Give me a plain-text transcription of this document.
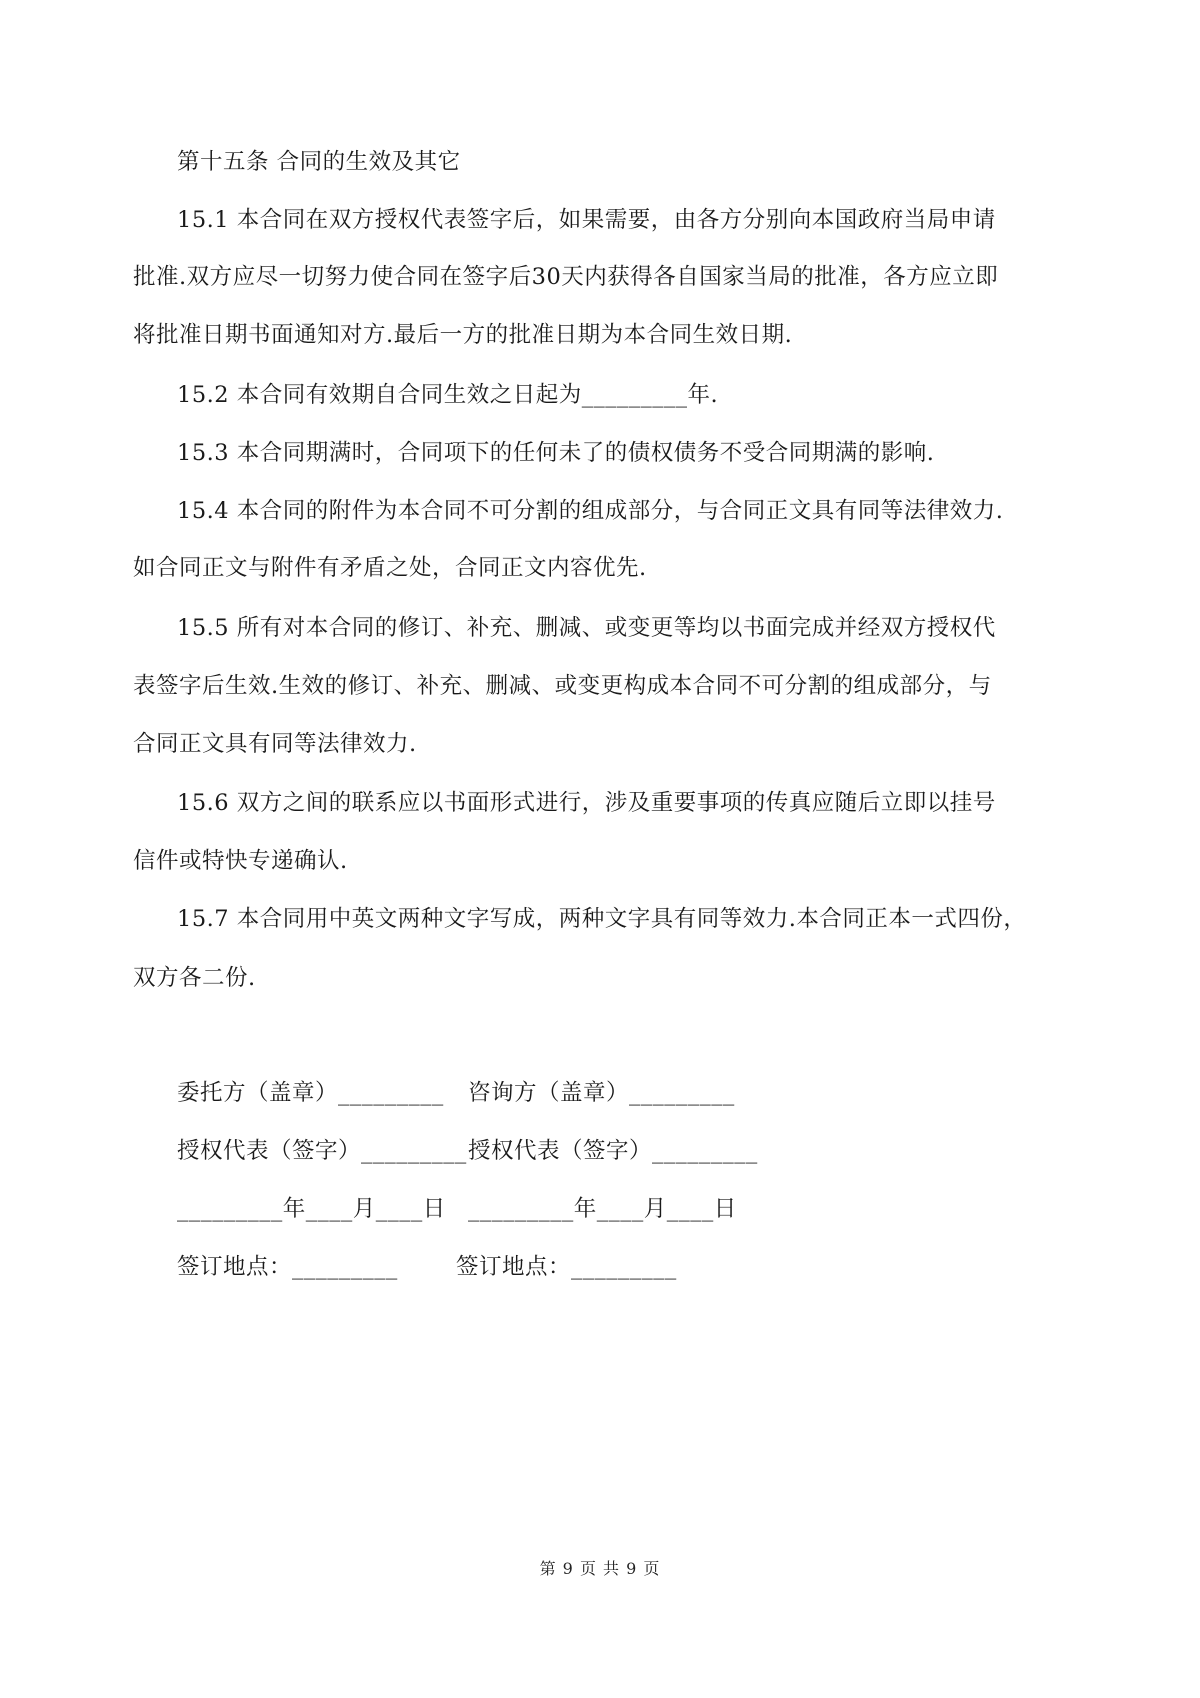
第十五条 合同的生效及其它
15.1 本合同在双方授权代表签字后，如果需要，由各方分别向本国政府当局申请
批准.双方应尽一切努力使合同在签字后30天内获得各自国家当局的批准，各方应立即
将批准日期书面通知对方.最后一方的批准日期为本合同生效日期.
15.2 本合同有效期自合同生效之日起为_________年.
15.3 本合同期满时，合同项下的任何未了的债权债务不受合同期满的影响.
15.4 本合同的附件为本合同不可分割的组成部分，与合同正文具有同等法律效力.
如合同正文与附件有矛盾之处，合同正文内容优先.
15.5 所有对本合同的修订、补充、删减、或变更等均以书面完成并经双方授权代
表签字后生效.生效的修订、补充、删减、或变更构成本合同不可分割的组成部分，与
合同正文具有同等法律效力.
15.6 双方之间的联系应以书面形式进行，涉及重要事项的传真应随后立即以挂号
信件或特快专递确认.
15.7 本合同用中英文两种文字写成，两种文字具有同等效力.本合同正本一式四份，
双方各二份.
委托方（盖章）_________ 咨询方（盖章）_________
授权代表（签字）_________ 授权代表（签字）_________
_________年____月____日 _________年____月____日
签订地点：_________	签订地点：_________
第 9 页 共 9 页
